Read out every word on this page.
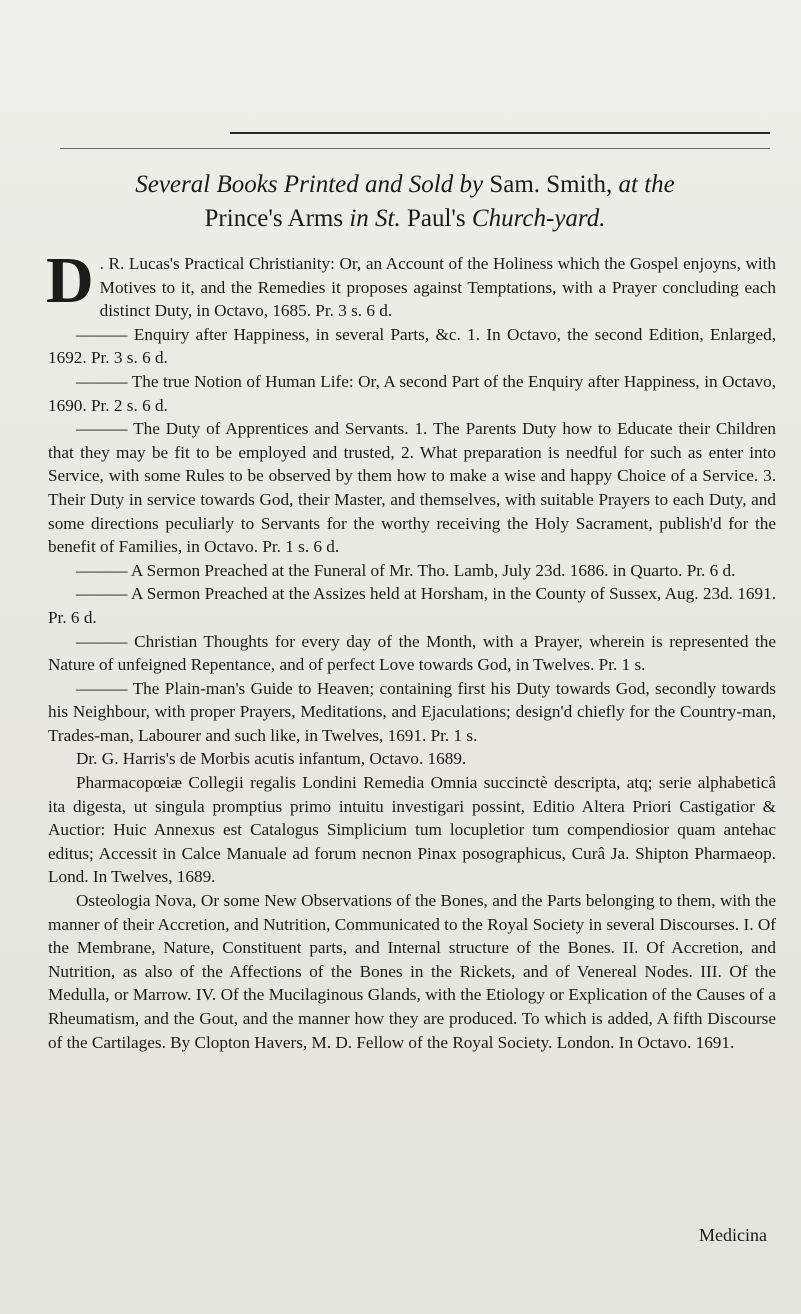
Several Books Printed and Sold by Sam. Smith, at the
Prince's Arms in St. Paul's Church-yard.

D . R. Lucas's Practical Christianity: Or, an Account of the Holiness which the Gospel enjoyns, with Motives to it, and the Remedies it proposes against Temptations, with a Prayer concluding each distinct Duty, in Octavo, 1685. Pr. 3 s. 6 d.

——— Enquiry after Happiness, in several Parts, &c. 1. In Octavo, the second Edition, Enlarged, 1692. Pr. 3 s. 6 d.

——— The true Notion of Human Life: Or, A second Part of the Enquiry after Happiness, in Octavo, 1690. Pr. 2 s. 6 d.

——— The Duty of Apprentices and Servants. 1. The Parents Duty how to Educate their Children that they may be fit to be employed and trusted, 2. What preparation is needful for such as enter into Service, with some Rules to be observed by them how to make a wise and happy Choice of a Service. 3. Their Duty in service towards God, their Master, and themselves, with suitable Prayers to each Duty, and some directions peculiarly to Servants for the worthy receiving the Holy Sacrament, publish'd for the benefit of Families, in Octavo. Pr. 1 s. 6 d.

——— A Sermon Preached at the Funeral of Mr. Tho. Lamb, July 23d. 1686. in Quarto. Pr. 6 d.

——— A Sermon Preached at the Assizes held at Horsham, in the County of Sussex, Aug. 23d. 1691. Pr. 6 d.

——— Christian Thoughts for every day of the Month, with a Prayer, wherein is represented the Nature of unfeigned Repentance, and of perfect Love towards God, in Twelves. Pr. 1 s.

——— The Plain-man's Guide to Heaven; containing first his Duty towards God, secondly towards his Neighbour, with proper Prayers, Meditations, and Ejaculations; design'd chiefly for the Country-man, Trades-man, Labourer and such like, in Twelves, 1691. Pr. 1 s.

Dr. G. Harris's de Morbis acutis infantum, Octavo. 1689.

Pharmacopœiæ Collegii regalis Londini Remedia Omnia succinctè descripta, atq; serie alphabeticâ ita digesta, ut singula promptius primo intuitu investigari possint, Editio Altera Priori Castigatior & Auctior: Huic Annexus est Catalogus Simplicium tum locupletior tum compendiosior quam antehac editus; Accessit in Calce Manuale ad forum necnon Pinax posographicus, Curâ Ja. Shipton Pharmaeop. Lond. In Twelves, 1689.

Osteologia Nova, Or some New Observations of the Bones, and the Parts belonging to them, with the manner of their Accretion, and Nutrition, Communicated to the Royal Society in several Discourses. I. Of the Membrane, Nature, Constituent parts, and Internal structure of the Bones. II. Of Accretion, and Nutrition, as also of the Affections of the Bones in the Rickets, and of Venereal Nodes. III. Of the Medulla, or Marrow. IV. Of the Mucilaginous Glands, with the Etiology or Explication of the Causes of a Rheumatism, and the Gout, and the manner how they are produced. To which is added, A fifth Discourse of the Cartilages. By Clopton Havers, M. D. Fellow of the Royal Society. London. In Octavo. 1691.

Medicina
